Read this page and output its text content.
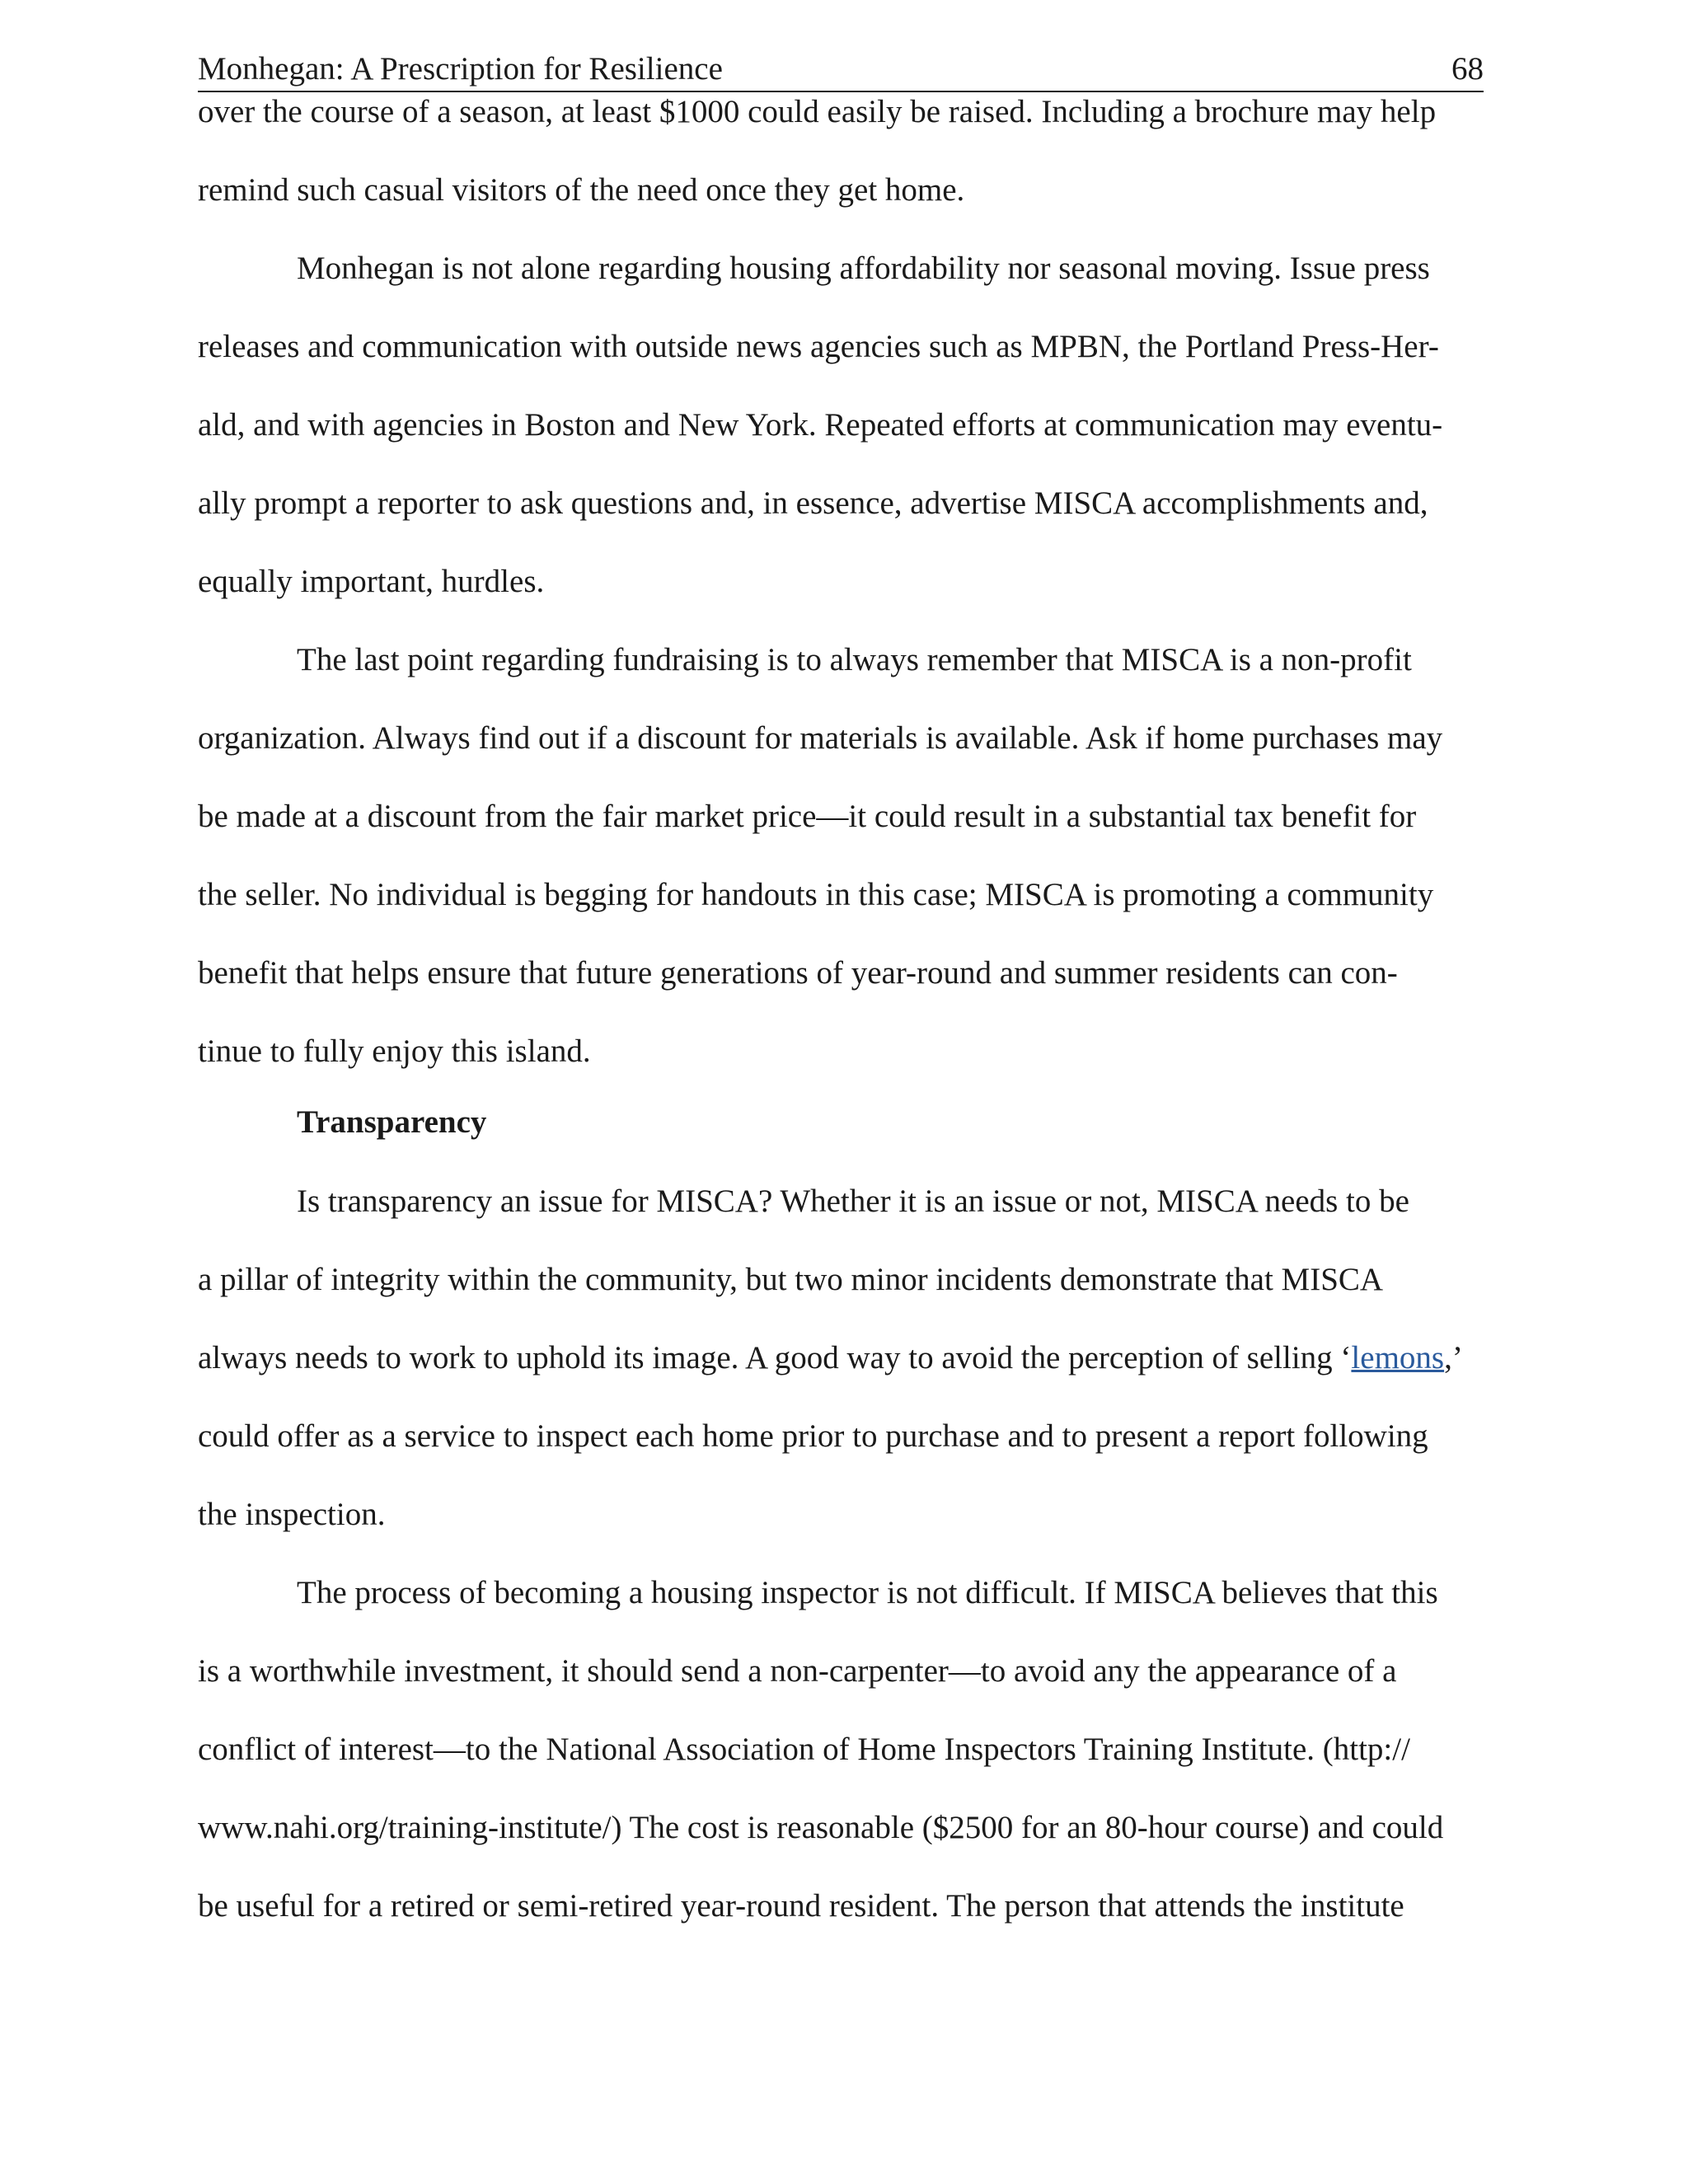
Monhegan: A Prescription for Resilience	68
over the course of a season, at least $1000 could easily be raised. Including a brochure may help
remind such casual visitors of the need once they get home.
Monhegan is not alone regarding housing affordability nor seasonal moving. Issue press
releases and communication with outside news agencies such as MPBN, the Portland Press-Her-
ald, and with agencies in Boston and New York. Repeated efforts at communication may eventu-
ally prompt a reporter to ask questions and, in essence, advertise MISCA accomplishments and,
equally important, hurdles.
The last point regarding fundraising is to always remember that MISCA is a non-profit
organization. Always find out if a discount for materials is available. Ask if home purchases may
be made at a discount from the fair market price—it could result in a substantial tax benefit for
the seller. No individual is begging for handouts in this case; MISCA is promoting a community
benefit that helps ensure that future generations of year-round and summer residents can con-
tinue to fully enjoy this island.
Transparency
Is transparency an issue for MISCA? Whether it is an issue or not, MISCA needs to be
a pillar of integrity within the community, but two minor incidents demonstrate that MISCA
always needs to work to uphold its image. A good way to avoid the perception of selling ‘lemons,’
could offer as a service to inspect each home prior to purchase and to present a report following
the inspection.
The process of becoming a housing inspector is not difficult. If MISCA believes that this
is a worthwhile investment, it should send a non-carpenter—to avoid any the appearance of a
conflict of interest—to the National Association of Home Inspectors Training Institute. (http://
www.nahi.org/training-institute/) The cost is reasonable ($2500 for an 80-hour course) and could
be useful for a retired or semi-retired year-round resident. The person that attends the institute
